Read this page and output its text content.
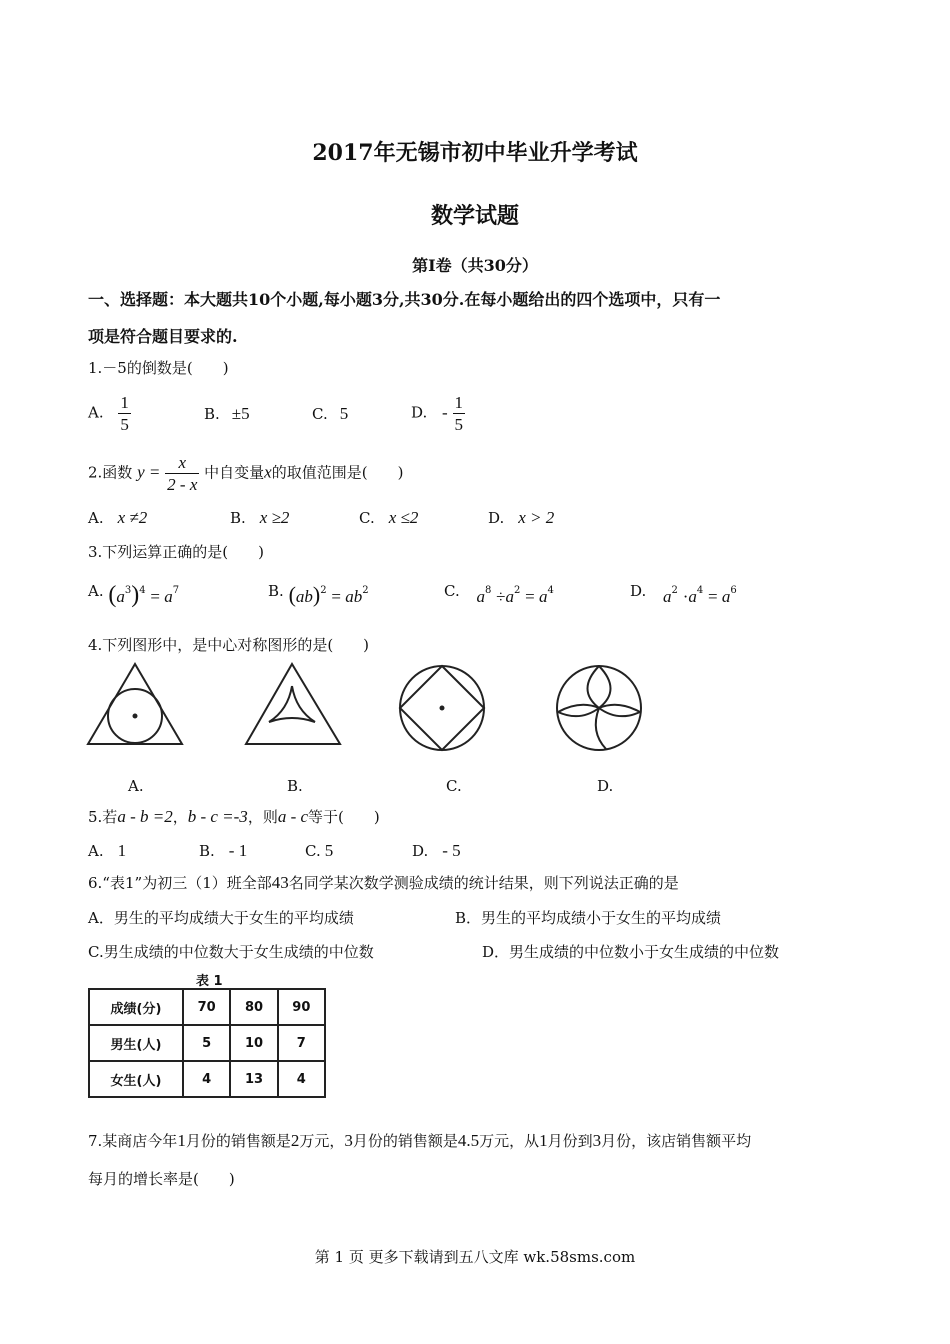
2017年无锡市初中毕业升学考试
数学试题
第Ⅰ卷（共30分）
一、选择题：本大题共10个小题,每小题3分,共30分.在每小题给出的四个选项中，只有一
项是符合题目要求的.
1.－5的倒数是(　　)
A. $\frac{1}{5}$	B. ±5	C. 5	D. - $\frac{1}{5}$
2.函数 $y = \frac{x}{2 - x}$ 中自变量x的取值范围是(　　)
A. x ≠2	B. x ≥2	C. x ≤2	D. x > 2
3.下列运算正确的是(　　)
A. $(a^3)^4 = a^7$	B. $(ab)^2 = ab^2$	C. $a^8 \div a^2 = a^4$	D. $a^2 \cdot a^4 = a^6$
4.下列图形中，是中心对称图形的是(　　)
A.	B.	C.	D.
5.若a - b =2，b - c =-3，则a - c等于(　　)
A. 1	B. - 1	C. 5	D. - 5
6.“表1”为初三（1）班全部43名同学某次数学测验成绩的统计结果，则下列说法正确的是
A．男生的平均成绩大于女生的平均成绩	B．男生的平均成绩小于女生的平均成绩
C.男生成绩的中位数大于女生成绩的中位数	D．男生成绩的中位数小于女生成绩的中位数
表 1
成绩(分)	70	80	90
男生(人)	5	10	7
女生(人)	4	13	4
7.某商店今年1月份的销售额是2万元，3月份的销售额是4.5万元，从1月份到3月份，该店销售额平均
每月的增长率是(　　)
第 1 页 更多下载请到五八文库 wk.58sms.com
